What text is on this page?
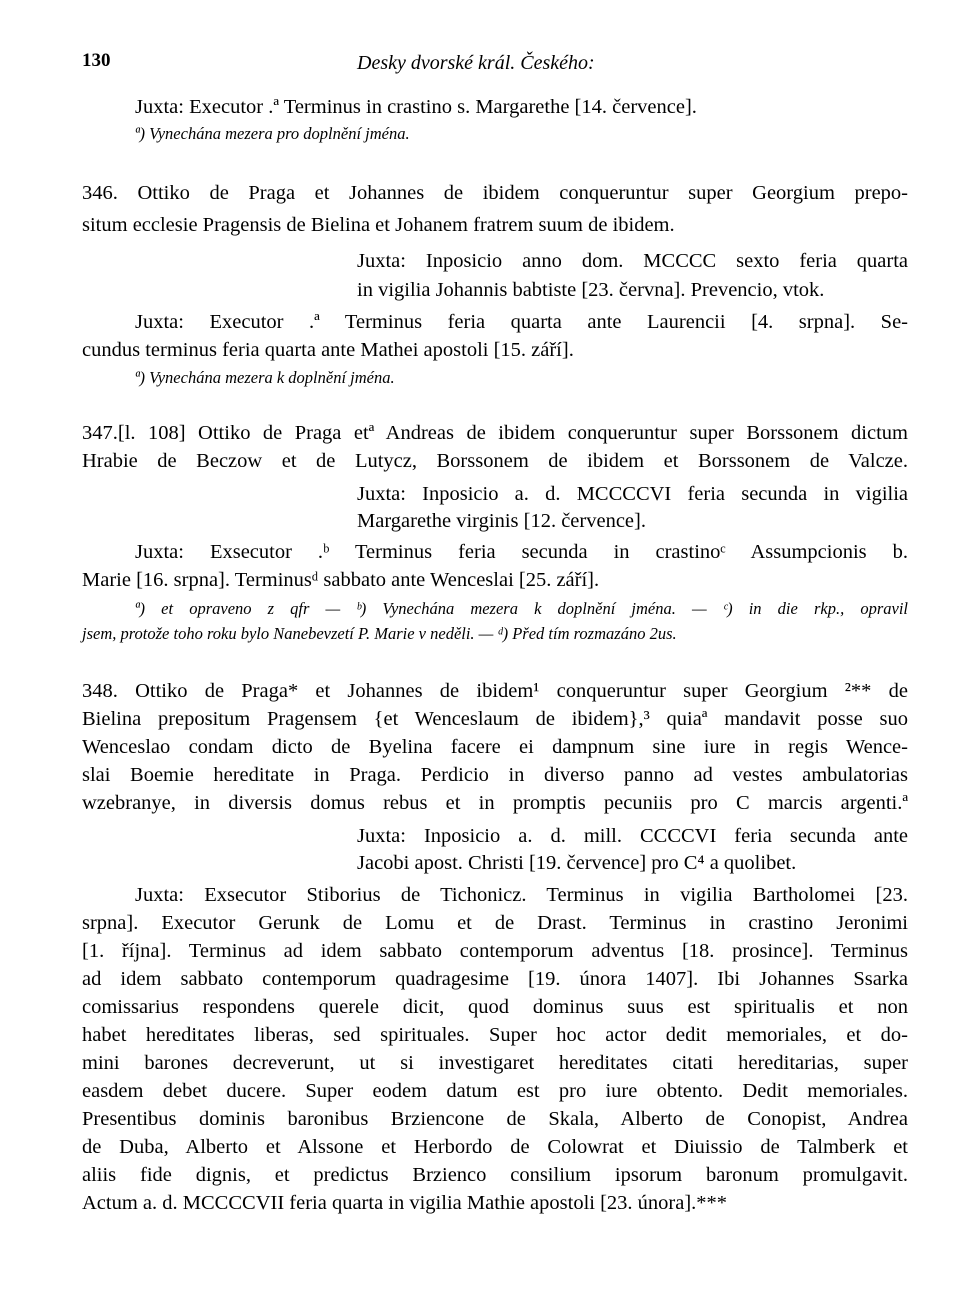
130	Desky dvorské král. Českého:
Juxta: Executor .ª Terminus in crastino s. Margarethe [14. července].
ª) Vynechána mezera pro doplnění jména.
346. Ottiko de Praga et Johannes de ibidem conqueruntur super Georgium prepo-
situm ecclesie Pragensis de Bielina et Johanem fratrem suum de ibidem.
Juxta: Inposicio anno dom. MCCCC sexto feria quarta
in vigilia Johannis babtiste [23. června]. Prevencio, vtok.
Juxta: Executor .ª Terminus feria quarta ante Laurencii [4. srpna]. Se-
cundus terminus feria quarta ante Mathei apostoli [15. září].
ª) Vynechána mezera k doplnění jména.
347.[l. 108] Ottiko de Praga etª Andreas de ibidem conqueruntur super Borssonem dictum
Hrabie de Beczow et de Lutycz, Borssonem de ibidem et Borssonem de Valcze.
Juxta: Inposicio a. d. MCCCCVI feria secunda in vigilia
Margarethe virginis [12. července].
Juxta: Exsecutor .ᵇ Terminus feria secunda in crastinoᶜ Assumpcionis b.
Marie [16. srpna]. Terminusᵈ sabbato ante Wenceslai [25. září].
ª) et opraveno z qfr — ᵇ) Vynechána mezera k doplnění jména. — ᶜ) in die rkp., opravil
jsem, protože toho roku bylo Nanebevzetí P. Marie v neděli. — ᵈ) Před tím rozmazáno 2us.
348. Ottiko de Praga* et Johannes de ibidem¹ conqueruntur super Georgium ²** de
Bielina prepositum Pragensem {et Wenceslaum de ibidem},³ quiaª mandavit posse suo
Wenceslao condam dicto de Byelina facere ei dampnum sine iure in regis Wence-
slai Boemie hereditate in Praga. Perdicio in diverso panno ad vestes ambulatorias
wzebranye, in diversis domus rebus et in promptis pecuniis pro C marcis argenti.ª
Juxta: Inposicio a. d. mill. CCCCVI feria secunda ante
Jacobi apost. Christi [19. července] pro C⁴ a quolibet.
Juxta: Exsecutor Stiborius de Tichonicz. Terminus in vigilia Bartholomei [23.
srpna]. Executor Gerunk de Lomu et de Drast. Terminus in crastino Jeronimi
[1. října]. Terminus ad idem sabbato contemporum adventus [18. prosince]. Terminus
ad idem sabbato contemporum quadragesime [19. února 1407]. Ibi Johannes Ssarka
comissarius respondens querele dicit, quod dominus suus est spiritualis et non
habet hereditates liberas, sed spirituales. Super hoc actor dedit memoriales, et do-
mini barones decreverunt, ut si investigaret hereditates citati hereditarias, super
easdem debet ducere. Super eodem datum est pro iure obtento. Dedit memoriales.
Presentibus dominis baronibus Brziencone de Skala, Alberto de Conopist, Andrea
de Duba, Alberto et Alssone et Herbordo de Colowrat et Diuissio de Talmberk et
aliis fide dignis, et predictus Brzienco consilium ipsorum baronum promulgavit.
Actum a. d. MCCCCVII feria quarta in vigilia Mathie apostoli [23. února].***
